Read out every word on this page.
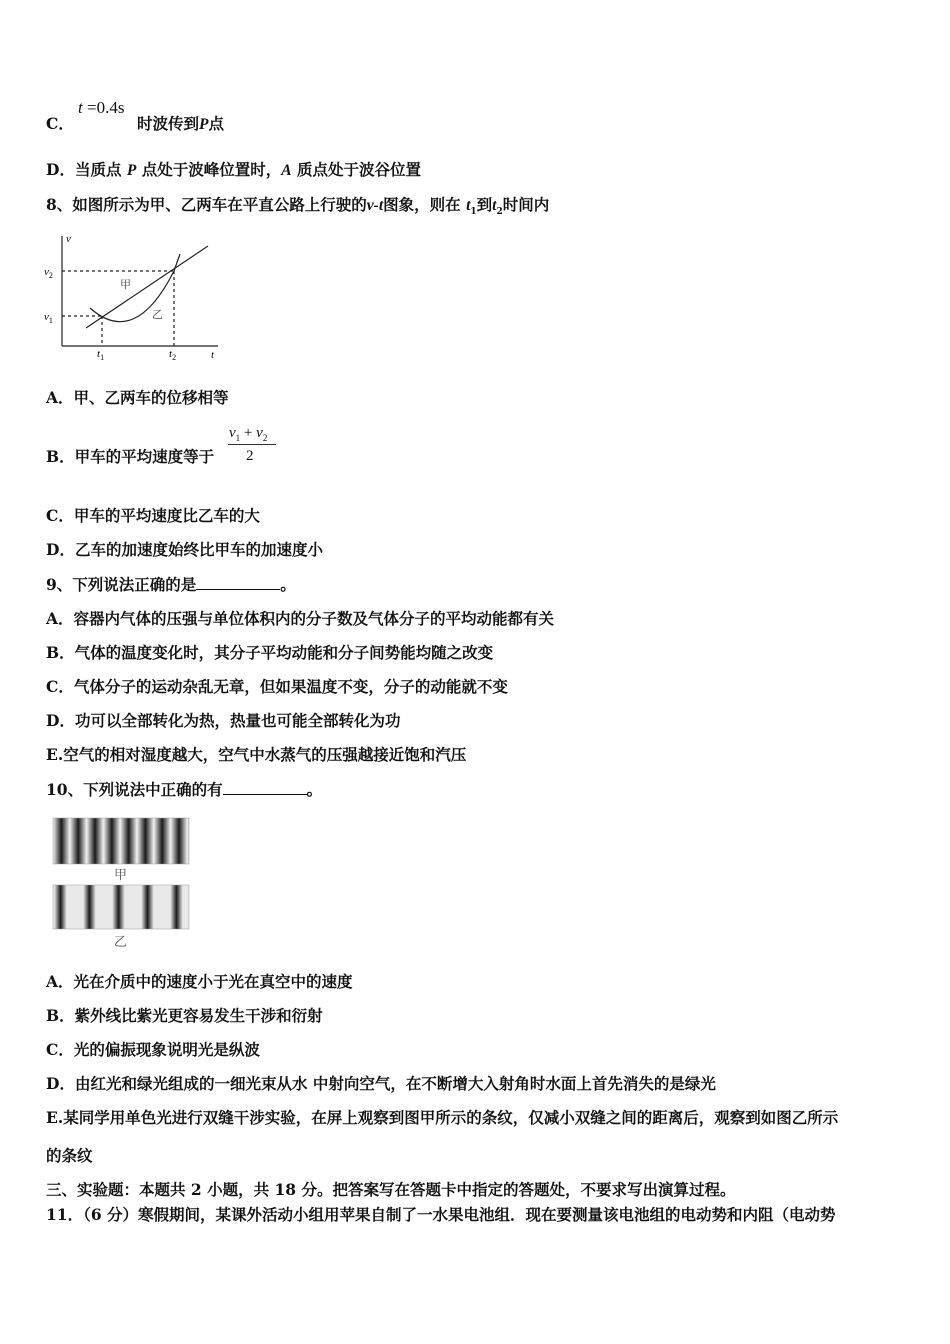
C．
t =0.4s
时波传到P点
D．当质点 P 点处于波峰位置时，A 质点处于波谷位置
8、如图所示为甲、乙两车在平直公路上行驶的v-t图象，则在 $t_1$到$t_2$时间内
v
t
$v_2$
$v_1$
$t_1$	$t_2$
甲
乙
A．甲、乙两车的位移相等
B．甲车的平均速度等于
$v_1 + v_2$
2
C．甲车的平均速度比乙车的大
D．乙车的加速度始终比甲车的加速度小
9、下列说法正确的是	。
A．容器内气体的压强与单位体积内的分子数及气体分子的平均动能都有关
B．气体的温度变化时，其分子平均动能和分子间势能均随之改变
C．气体分子的运动杂乱无章，但如果温度不变，分子的动能就不变
D．功可以全部转化为热，热量也可能全部转化为功
E.空气的相对湿度越大，空气中水蒸气的压强越接近饱和汽压
10、下列说法中正确的有	。
甲
乙
A．光在介质中的速度小于光在真空中的速度
B．紫外线比紫光更容易发生干涉和衍射
C．光的偏振现象说明光是纵波
D．由红光和绿光组成的一细光束从水 中射向空气，在不断增大入射角时水面上首先消失的是绿光
E.某同学用单色光进行双缝干涉实验，在屏上观察到图甲所示的条纹，仅减小双缝之间的距离后，观察到如图乙所示
的条纹
三、实验题：本题共 2 小题，共 18 分。把答案写在答题卡中指定的答题处，不要求写出演算过程。
11．（6 分）寒假期间，某课外活动小组用苹果自制了一水果电池组．现在要测量该电池组的电动势和内阻（电动势
